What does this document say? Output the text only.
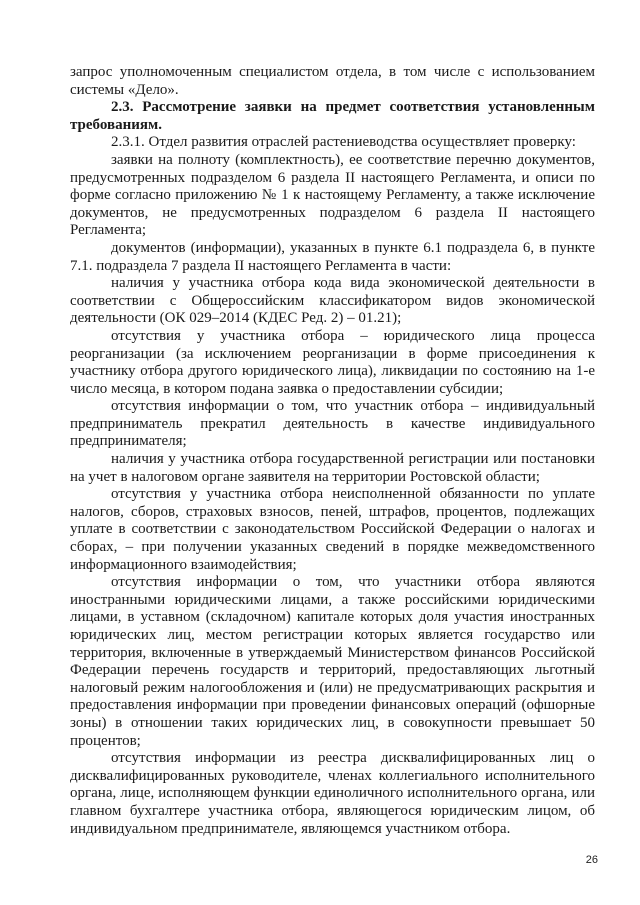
запрос уполномоченным специалистом отдела, в том числе с использованием системы «Дело».

2.3. Рассмотрение заявки на предмет соответствия установленным требованиям.

2.3.1. Отдел развития отраслей растениеводства осуществляет проверку:

заявки на полноту (комплектность), ее соответствие перечню документов, предусмотренных подразделом 6 раздела II настоящего Регламента, и описи по форме согласно приложению № 1 к настоящему Регламенту, а также исключение документов, не предусмотренных подразделом 6 раздела II настоящего Регламента;

документов (информации), указанных в пункте 6.1 подраздела 6, в пункте 7.1. подраздела 7 раздела II настоящего Регламента в части:

наличия у участника отбора кода вида экономической деятельности в соответствии с Общероссийским классификатором видов экономической деятельности (ОК 029–2014 (КДЕС Ред. 2) – 01.21);

отсутствия у участника отбора – юридического лица процесса реорганизации (за исключением реорганизации в форме присоединения к участнику отбора другого юридического лица), ликвидации по состоянию на 1-е число месяца, в котором подана заявка о предоставлении субсидии;

отсутствия информации о том, что участник отбора – индивидуальный предприниматель прекратил деятельность в качестве индивидуального предпринимателя;

наличия у участника отбора государственной регистрации или постановки на учет в налоговом органе заявителя на территории Ростовской области;

отсутствия у участника отбора неисполненной обязанности по уплате налогов, сборов, страховых взносов, пеней, штрафов, процентов, подлежащих уплате в соответствии с законодательством Российской Федерации о налогах и сборах, – при получении указанных сведений в порядке межведомственного информационного взаимодействия;

отсутствия информации о том, что участники отбора являются иностранными юридическими лицами, а также российскими юридическими лицами, в уставном (складочном) капитале которых доля участия иностранных юридических лиц, местом регистрации которых является государство или территория, включенные в утверждаемый Министерством финансов Российской Федерации перечень государств и территорий, предоставляющих льготный налоговый режим налогообложения и (или) не предусматривающих раскрытия и предоставления информации при проведении финансовых операций (офшорные зоны) в отношении таких юридических лиц, в совокупности превышает 50 процентов;

отсутствия информации из реестра дисквалифицированных лиц о дисквалифицированных руководителе, членах коллегиального исполнительного органа, лице, исполняющем функции единоличного исполнительного органа, или главном бухгалтере участника отбора, являющегося юридическим лицом, об индивидуальном предпринимателе, являющемся участником отбора.

26
